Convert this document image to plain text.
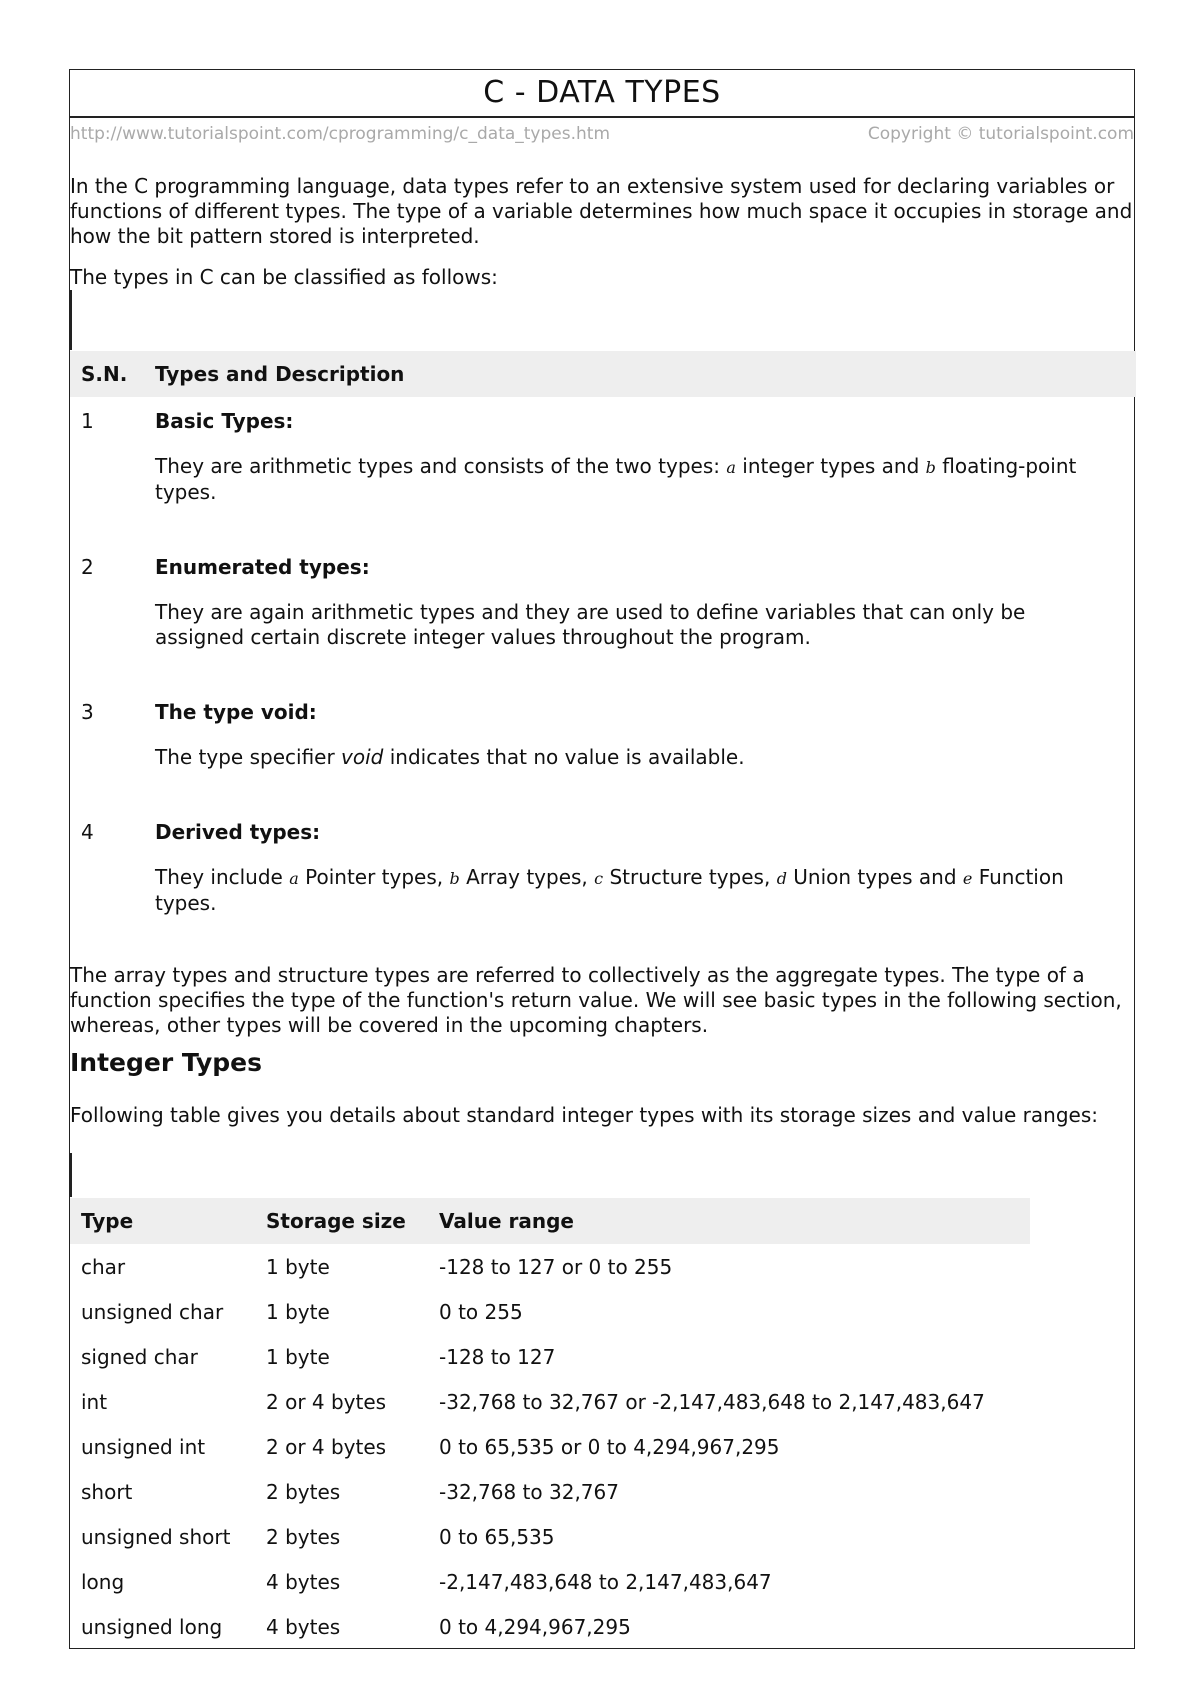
C - DATA TYPES
http://www.tutorialspoint.com/cprogramming/c_data_types.htm	Copyright © tutorialspoint.com

In the C programming language, data types refer to an extensive system used for declaring variables or functions of different types. The type of a variable determines how much space it occupies in storage and how the bit pattern stored is interpreted.

The types in C can be classified as follows:

S.N.	Types and Description
1	Basic Types:
They are arithmetic types and consists of the two types: a integer types and b floating-point types.

2	Enumerated types:
They are again arithmetic types and they are used to define variables that can only be assigned certain discrete integer values throughout the program.

3	The type void:
The type specifier void indicates that no value is available.

4	Derived types:
They include a Pointer types, b Array types, c Structure types, d Union types and e Function types.

The array types and structure types are referred to collectively as the aggregate types. The type of a function specifies the type of the function's return value. We will see basic types in the following section, whereas, other types will be covered in the upcoming chapters.

Integer Types

Following table gives you details about standard integer types with its storage sizes and value ranges:

Type	Storage size	Value range
char	1 byte	-128 to 127 or 0 to 255
unsigned char	1 byte	0 to 255
signed char	1 byte	-128 to 127
int	2 or 4 bytes	-32,768 to 32,767 or -2,147,483,648 to 2,147,483,647
unsigned int	2 or 4 bytes	0 to 65,535 or 0 to 4,294,967,295
short	2 bytes	-32,768 to 32,767
unsigned short	2 bytes	0 to 65,535
long	4 bytes	-2,147,483,648 to 2,147,483,647
unsigned long	4 bytes	0 to 4,294,967,295
